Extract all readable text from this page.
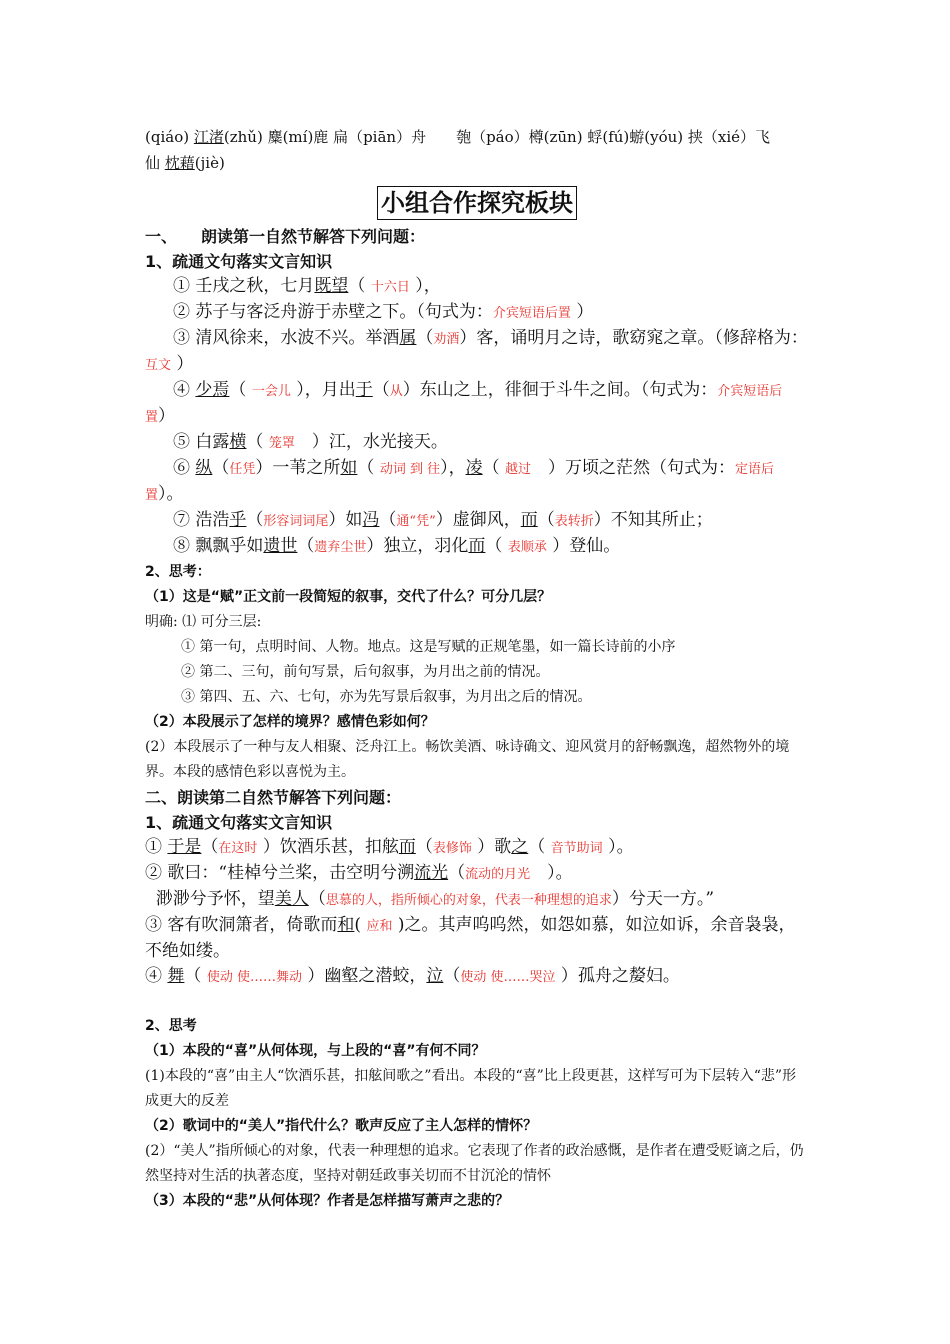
(qiáo) 江渚(zhǔ) 麋(mí)鹿 扁（piān）舟　　匏（páo）樽(zūn) 蜉(fú)蝣(yóu) 挟（xié）飞

仙 枕藉(jiè)

小组合作探究板块

一、　　朗读第一自然节解答下列问题：

1、疏通文句落实文言知识

① 壬戌之秋，七月既望（ 十六日 ），

② 苏子与客泛舟游于赤壁之下。（句式为：介宾短语后置 ）

③ 清风徐来，水波不兴。举酒属（劝酒）客，诵明月之诗，歌窈窕之章。（修辞格为：互文 ）

④ 少焉（ 一会儿 ），月出于（从）东山之上，徘徊于斗牛之间。（句式为：介宾短语后置）

⑤ 白露横（ 笼罩　）江，水光接天。

⑥ 纵（任凭）一苇之所如（ 动词 到 往），凌（ 越过　）万顷之茫然（句式为：定语后置）。

⑦ 浩浩乎（形容词词尾）如冯（通“凭”）虚御风，而（表转折）不知其所止；

⑧ 飘飘乎如遗世（遗弃尘世）独立，羽化而（ 表顺承 ）登仙。

2、思考：

（1）这是“赋”正文前一段简短的叙事，交代了什么？可分几层？

明确: ⑴ 可分三层:

① 第一句，点明时间、人物。地点。这是写赋的正规笔墨，如一篇长诗前的小序

② 第二、三句，前句写景，后句叙事，为月出之前的情况。

③ 第四、五、六、七句，亦为先写景后叙事，为月出之后的情况。

（2）本段展示了怎样的境界？感情色彩如何？

(2）本段展示了一种与友人相聚、泛舟江上。畅饮美酒、咏诗确文、迎风赏月的舒畅飘逸，超然物外的境界。本段的感情色彩以喜悦为主。

二、朗读第二自然节解答下列问题：

1、疏通文句落实文言知识

① 于是（在这时 ）饮酒乐甚，扣舷而（表修饰 ）歌之（ 音节助词 ）。

② 歌曰：“桂棹兮兰桨，击空明兮溯流光（流动的月光　）。

渺渺兮予怀，望美人（思慕的人，指所倾心的对象，代表一种理想的追求）兮天一方。”

③ 客有吹洞箫者，倚歌而和( 应和 )之。其声呜呜然，如怨如慕，如泣如诉，余音袅袅，不绝如缕。

④ 舞（ 使动 使……舞动 ）幽壑之潜蛟，泣（使动 使……哭泣 ）孤舟之嫠妇。

2、思考

（1）本段的“喜”从何体现，与上段的“喜”有何不同？

(1)本段的“喜”由主人“饮酒乐甚，扣舷间歌之”看出。本段的“喜”比上段更甚，这样写可为下层转入“悲”形成更大的反差

（2）歌词中的“美人”指代什么？歌声反应了主人怎样的情怀？

(2）“美人”指所倾心的对象，代表一种理想的追求。它表现了作者的政治感慨，是作者在遭受贬谪之后，仍然坚持对生活的执著态度，坚持对朝廷政事关切而不甘沉沦的情怀

（3）本段的“悲”从何体现？作者是怎样描写萧声之悲的？
